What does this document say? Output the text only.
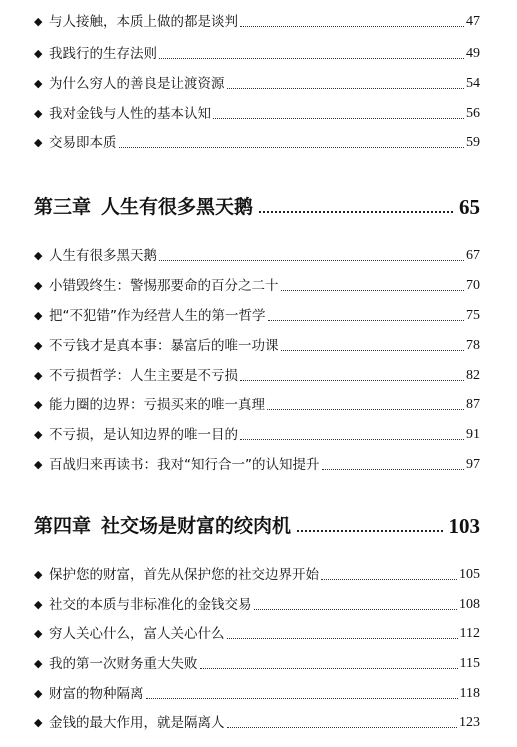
◆ 与人接触，本质上做的都是谈判	47
◆ 我践行的生存法则	49
◆ 为什么穷人的善良是让渡资源	54
◆ 我对金钱与人性的基本认知	56
◆ 交易即本质	59
第三章 人生有很多黑天鹅	65
◆ 人生有很多黑天鹅	67
◆ 小错毁终生：警惕那要命的百分之二十	70
◆ 把“不犯错”作为经营人生的第一哲学	75
◆ 不亏钱才是真本事：暴富后的唯一功课	78
◆ 不亏损哲学：人生主要是不亏损	82
◆ 能力圈的边界：亏损买来的唯一真理	87
◆ 不亏损，是认知边界的唯一目的	91
◆ 百战归来再读书：我对“知行合一”的认知提升	97
第四章 社交场是财富的绞肉机	103
◆ 保护您的财富，首先从保护您的社交边界开始	105
◆ 社交的本质与非标准化的金钱交易	108
◆ 穷人关心什么，富人关心什么	112
◆ 我的第一次财务重大失败	115
◆ 财富的物种隔离	118
◆ 金钱的最大作用，就是隔离人	123
